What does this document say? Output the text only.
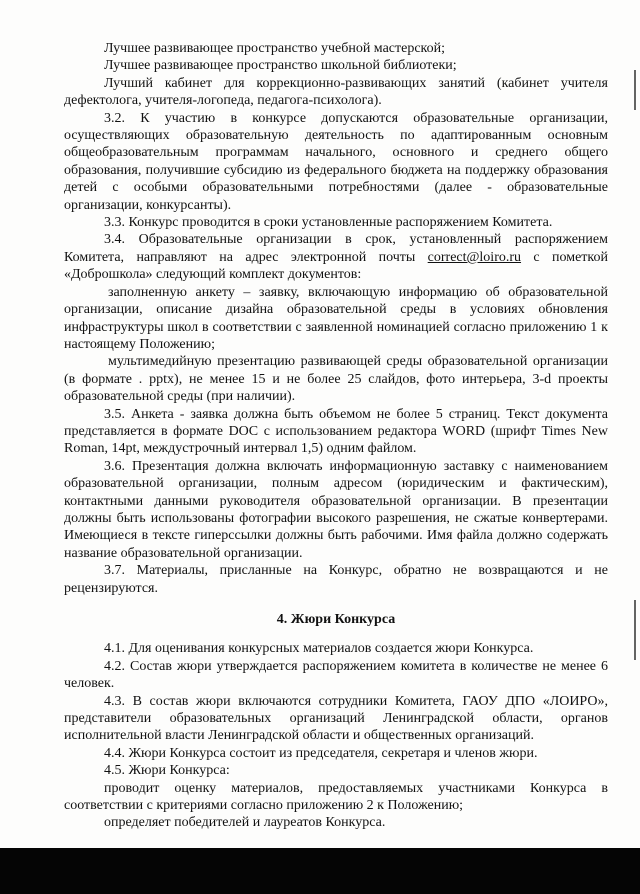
Лучшее развивающее пространство учебной мастерской;

Лучшее развивающее пространство школьной библиотеки;

Лучший кабинет для коррекционно-развивающих занятий (кабинет учителя дефектолога, учителя-логопеда, педагога-психолога).

3.2. К участию в конкурсе допускаются образовательные организации, осуществляющих образовательную деятельность по адаптированным основным общеобразовательным программам начального, основного и среднего общего образования, получившие субсидию из федерального бюджета на поддержку образования детей с особыми образовательными потребностями (далее - образовательные организации, конкурсанты).

3.3. Конкурс проводится в сроки установленные распоряжением Комитета.

3.4. Образовательные организации в срок, установленный распоряжением Комитета, направляют на адрес электронной почты correct@loiro.ru с пометкой «Доброшкола» следующий комплект документов:

заполненную анкету – заявку, включающую информацию об образовательной организации, описание дизайна образовательной среды в условиях обновления инфраструктуры школ в соответствии с заявленной номинацией согласно приложению 1 к настоящему Положению;

мультимедийную презентацию развивающей среды образовательной организации (в формате . pptx), не менее 15 и не более 25 слайдов, фото интерьера, 3-d проекты образовательной среды (при наличии).

3.5. Анкета - заявка должна быть объемом не более 5 страниц. Текст документа представляется в формате DOC с использованием редактора WORD (шрифт Times New Roman, 14pt, междустрочный интервал 1,5) одним файлом.

3.6. Презентация должна включать информационную заставку с наименованием образовательной организации, полным адресом (юридическим и фактическим), контактными данными руководителя образовательной организации. В презентации должны быть использованы фотографии высокого разрешения, не сжатые конвертерами. Имеющиеся в тексте гиперссылки должны быть рабочими. Имя файла должно содержать название образовательной организации.

3.7. Материалы, присланные на Конкурс, обратно не возвращаются и не рецензируются.

4. Жюри Конкурса

4.1. Для оценивания конкурсных материалов создается жюри Конкурса.

4.2. Состав жюри утверждается распоряжением комитета в количестве не менее 6 человек.

4.3. В состав жюри включаются сотрудники Комитета, ГАОУ ДПО «ЛОИРО», представители образовательных организаций Ленинградской области, органов исполнительной власти Ленинградской области и общественных организаций.

4.4. Жюри Конкурса состоит из председателя, секретаря и членов жюри.

4.5. Жюри Конкурса:

проводит оценку материалов, предоставляемых участниками Конкурса в соответствии с критериями согласно приложению 2 к Положению;

определяет победителей и лауреатов Конкурса.
